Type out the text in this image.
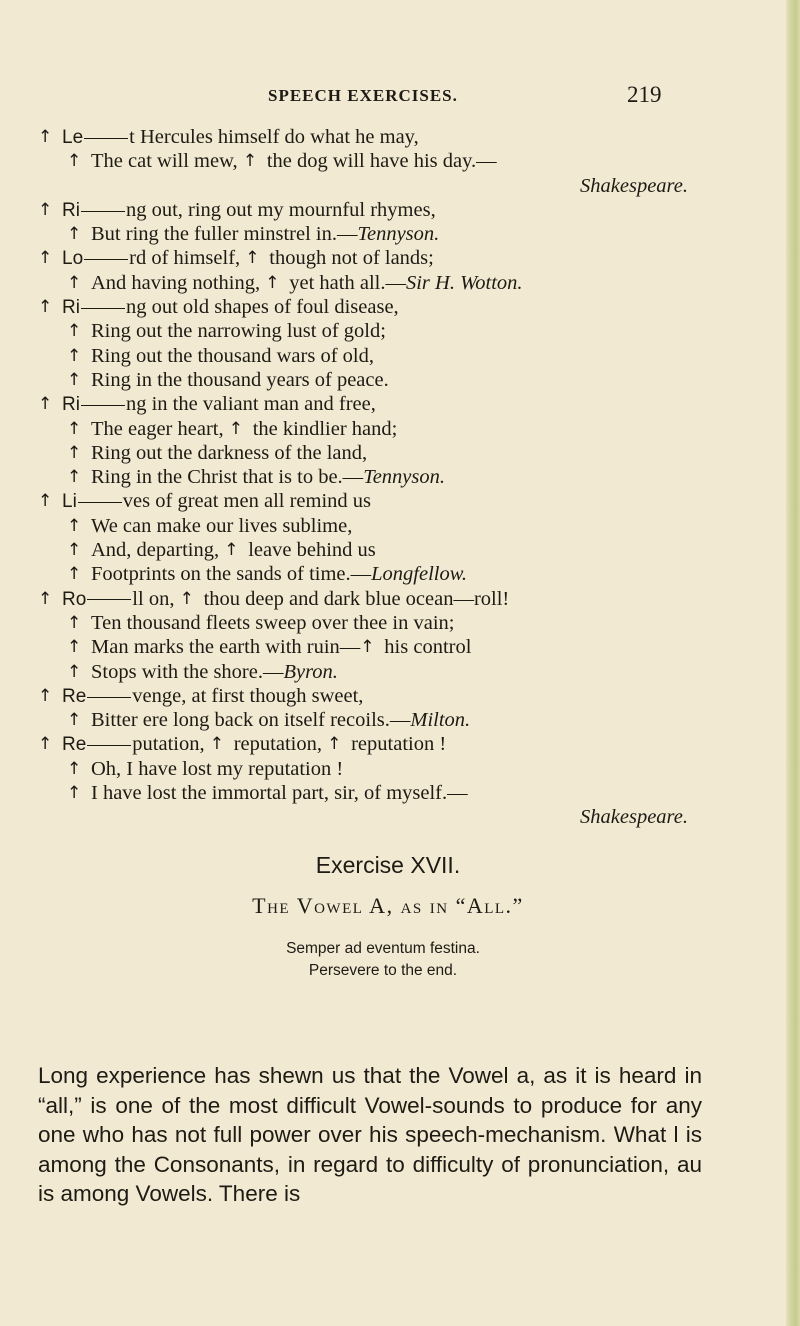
SPEECH EXERCISES.	219
↑ Le t Hercules himself do what he may,
↑ The cat will mew, ↑ the dog will have his day.—
Shakespeare.
↑ Ri ng out, ring out my mournful rhymes,
↑ But ring the fuller minstrel in.—Tennyson.
↑ Lo rd of himself, ↑ though not of lands;
↑ And having nothing, ↑ yet hath all.—Sir H. Wotton.
↑ Ri ng out old shapes of foul disease,
↑ Ring out the narrowing lust of gold;
↑ Ring out the thousand wars of old,
↑ Ring in the thousand years of peace.
↑ Ri ng in the valiant man and free,
↑ The eager heart, ↑ the kindlier hand;
↑ Ring out the darkness of the land,
↑ Ring in the Christ that is to be.—Tennyson.
↑ Li ves of great men all remind us
↑ We can make our lives sublime,
↑ And, departing, ↑ leave behind us
↑ Footprints on the sands of time.—Longfellow.
↑ Ro ll on, ↑ thou deep and dark blue ocean—roll!
↑ Ten thousand fleets sweep over thee in vain;
↑ Man marks the earth with ruin—↑ his control
↑ Stops with the shore.—Byron.
↑ Re venge, at first though sweet,
↑ Bitter ere long back on itself recoils.—Milton.
↑ Re putation, ↑ reputation, ↑ reputation !
↑ Oh, I have lost my reputation !
↑ I have lost the immortal part, sir, of myself.—
Shakespeare.
Exercise XVII.
The Vowel A, as in “All.”
Semper ad eventum festina.
Persevere to the end.
Long experience has shewn us that the Vowel a, as it is heard in “all,” is one of the most difficult Vowel-sounds to produce for any one who has not full power over his speech-mechanism. What l is among the Consonants, in regard to difficulty of pronunciation, au is among Vowels. There is
